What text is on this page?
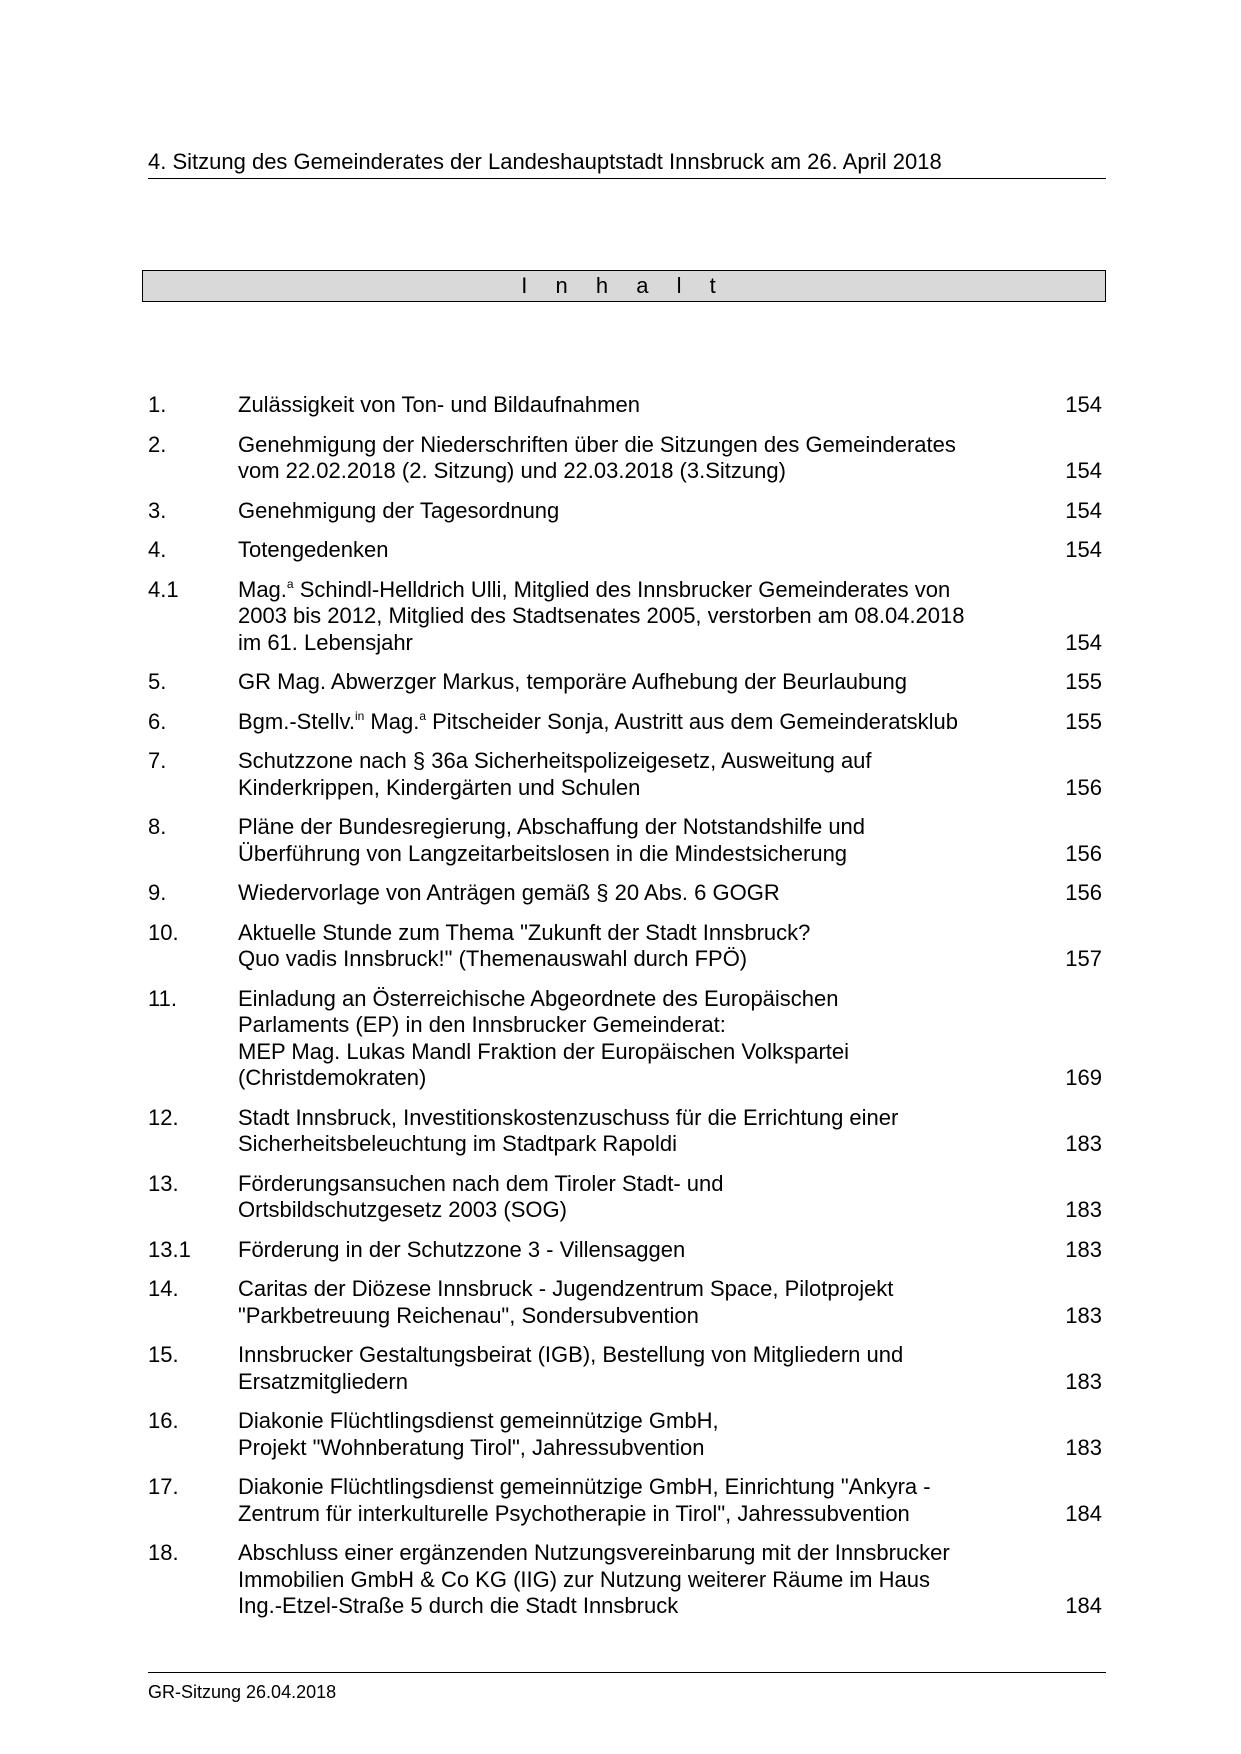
4. Sitzung des Gemeinderates der Landeshauptstadt Innsbruck am 26. April 2018
I n h a l t
1.	Zulässigkeit von Ton- und Bildaufnahmen	154
2.	Genehmigung der Niederschriften über die Sitzungen des Gemeinderates
vom 22.02.2018 (2. Sitzung) und 22.03.2018 (3.Sitzung)	154
3.	Genehmigung der Tagesordnung	154
4.	Totengedenken	154
4.1	Mag.$^a$ Schindl-Helldrich Ulli, Mitglied des Innsbrucker Gemeinderates von
2003 bis 2012, Mitglied des Stadtsenates 2005, verstorben am 08.04.2018
im 61. Lebensjahr	154
5.	GR Mag. Abwerzger Markus, temporäre Aufhebung der Beurlaubung	155
6.	Bgm.-Stellv.$^{in}$ Mag.$^a$ Pitscheider Sonja, Austritt aus dem Gemeinderatsklub	155
7.	Schutzzone nach § 36a Sicherheitspolizeigesetz, Ausweitung auf
Kinderkrippen, Kindergärten und Schulen	156
8.	Pläne der Bundesregierung, Abschaffung der Notstandshilfe und
Überführung von Langzeitarbeitslosen in die Mindestsicherung	156
9.	Wiedervorlage von Anträgen gemäß § 20 Abs. 6 GOGR	156
10.	Aktuelle Stunde zum Thema "Zukunft der Stadt Innsbruck?
Quo vadis Innsbruck!" (Themenauswahl durch FPÖ)	157
11.	Einladung an Österreichische Abgeordnete des Europäischen
Parlaments (EP) in den Innsbrucker Gemeinderat:
MEP Mag. Lukas Mandl Fraktion der Europäischen Volkspartei
(Christdemokraten)	169
12.	Stadt Innsbruck, Investitionskostenzuschuss für die Errichtung einer
Sicherheitsbeleuchtung im Stadtpark Rapoldi	183
13.	Förderungsansuchen nach dem Tiroler Stadt- und
Ortsbildschutzgesetz 2003 (SOG)	183
13.1	Förderung in der Schutzzone 3 - Villensaggen	183
14.	Caritas der Diözese Innsbruck - Jugendzentrum Space, Pilotprojekt
"Parkbetreuung Reichenau", Sondersubvention	183
15.	Innsbrucker Gestaltungsbeirat (IGB), Bestellung von Mitgliedern und
Ersatzmitgliedern	183
16.	Diakonie Flüchtlingsdienst gemeinnützige GmbH,
Projekt "Wohnberatung Tirol", Jahressubvention	183
17.	Diakonie Flüchtlingsdienst gemeinnützige GmbH, Einrichtung "Ankyra -
Zentrum für interkulturelle Psychotherapie in Tirol", Jahressubvention	184
18.	Abschluss einer ergänzenden Nutzungsvereinbarung mit der Innsbrucker
Immobilien GmbH & Co KG (IIG) zur Nutzung weiterer Räume im Haus
Ing.-Etzel-Straße 5 durch die Stadt Innsbruck	184
GR-Sitzung 26.04.2018
